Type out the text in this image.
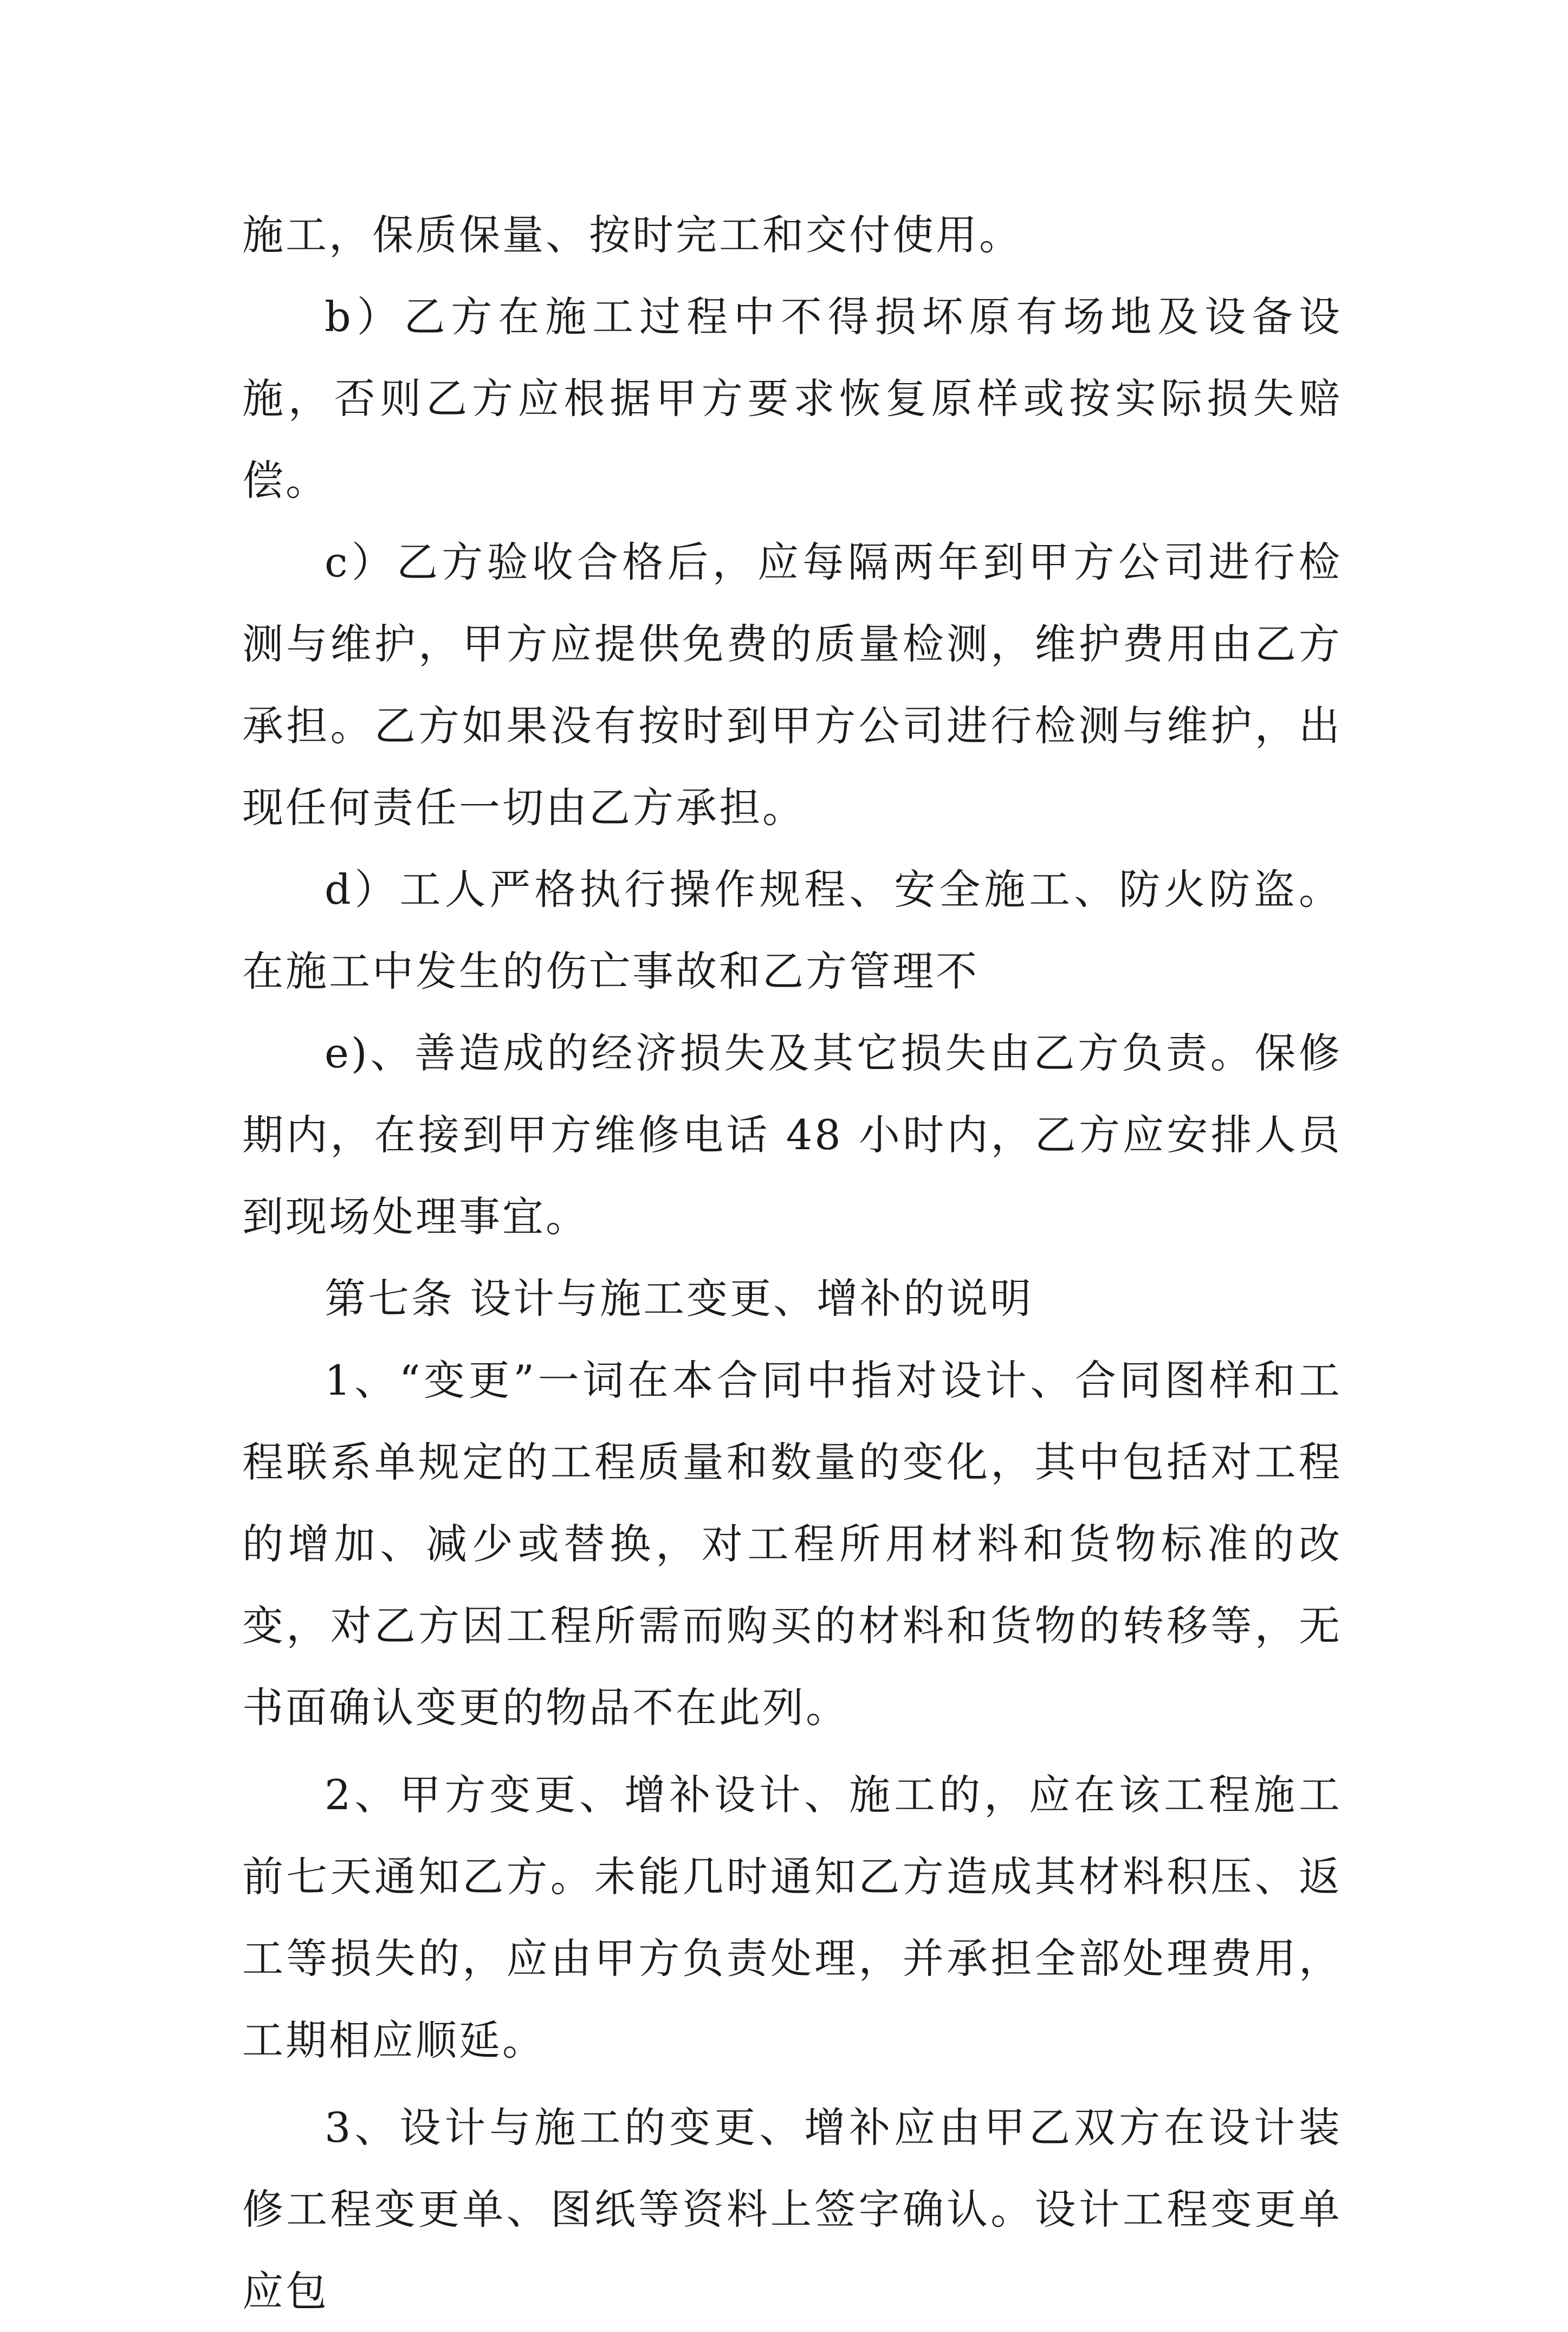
施工，保质保量、按时完工和交付使用。

b）乙方在施工过程中不得损坏原有场地及设备设施，否则乙方应根据甲方要求恢复原样或按实际损失赔偿。

c）乙方验收合格后，应每隔两年到甲方公司进行检测与维护，甲方应提供免费的质量检测，维护费用由乙方承担。乙方如果没有按时到甲方公司进行检测与维护，出现任何责任一切由乙方承担。

d）工人严格执行操作规程、安全施工、防火防盗。在施工中发生的伤亡事故和乙方管理不

e)、善造成的经济损失及其它损失由乙方负责。保修期内，在接到甲方维修电话 48 小时内，乙方应安排人员到现场处理事宜。

第七条 设计与施工变更、增补的说明

1、“变更”一词在本合同中指对设计、合同图样和工程联系单规定的工程质量和数量的变化，其中包括对工程的增加、减少或替换，对工程所用材料和货物标准的改变，对乙方因工程所需而购买的材料和货物的转移等，无书面确认变更的物品不在此列。

2、甲方变更、增补设计、施工的，应在该工程施工前七天通知乙方。未能几时通知乙方造成其材料积压、返工等损失的，应由甲方负责处理，并承担全部处理费用，工期相应顺延。

3、设计与施工的变更、增补应由甲乙双方在设计装修工程变更单、图纸等资料上签字确认。设计工程变更单应包
